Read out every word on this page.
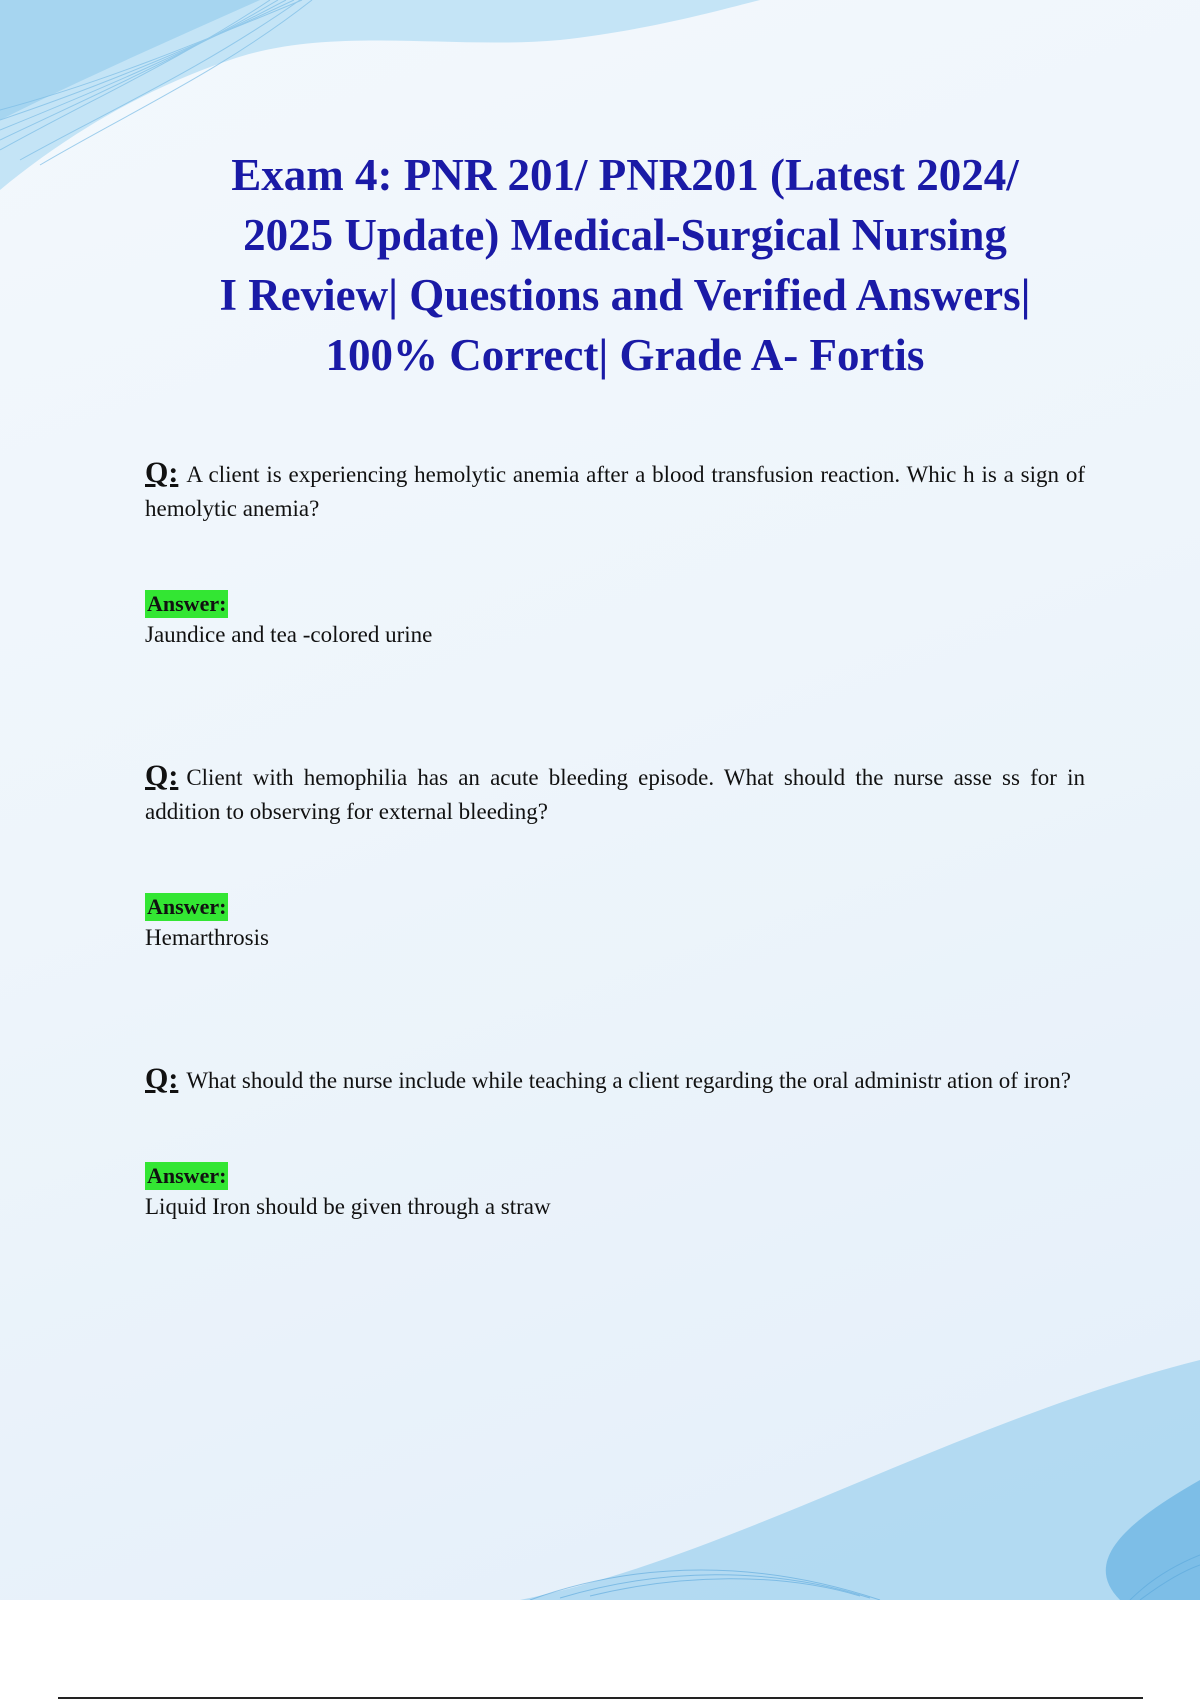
Exam 4: PNR 201/ PNR201 (Latest 2024/
2025 Update) Medical-Surgical Nursing
I Review| Questions and Verified Answers|
100% Correct| Grade A- Fortis

Q: A client is experiencing hemolytic anemia after a blood transfusion reaction. Whic h is a sign of hemolytic anemia?

Answer:

Jaundice and tea -colored urine

Q: Client with hemophilia has an acute bleeding episode. What should the nurse asse ss for in addition to observing for external bleeding?

Answer:

Hemarthrosis

Q: What should the nurse include while teaching a client regarding the oral administr ation of iron?

Answer:

Liquid Iron should be given through a straw
